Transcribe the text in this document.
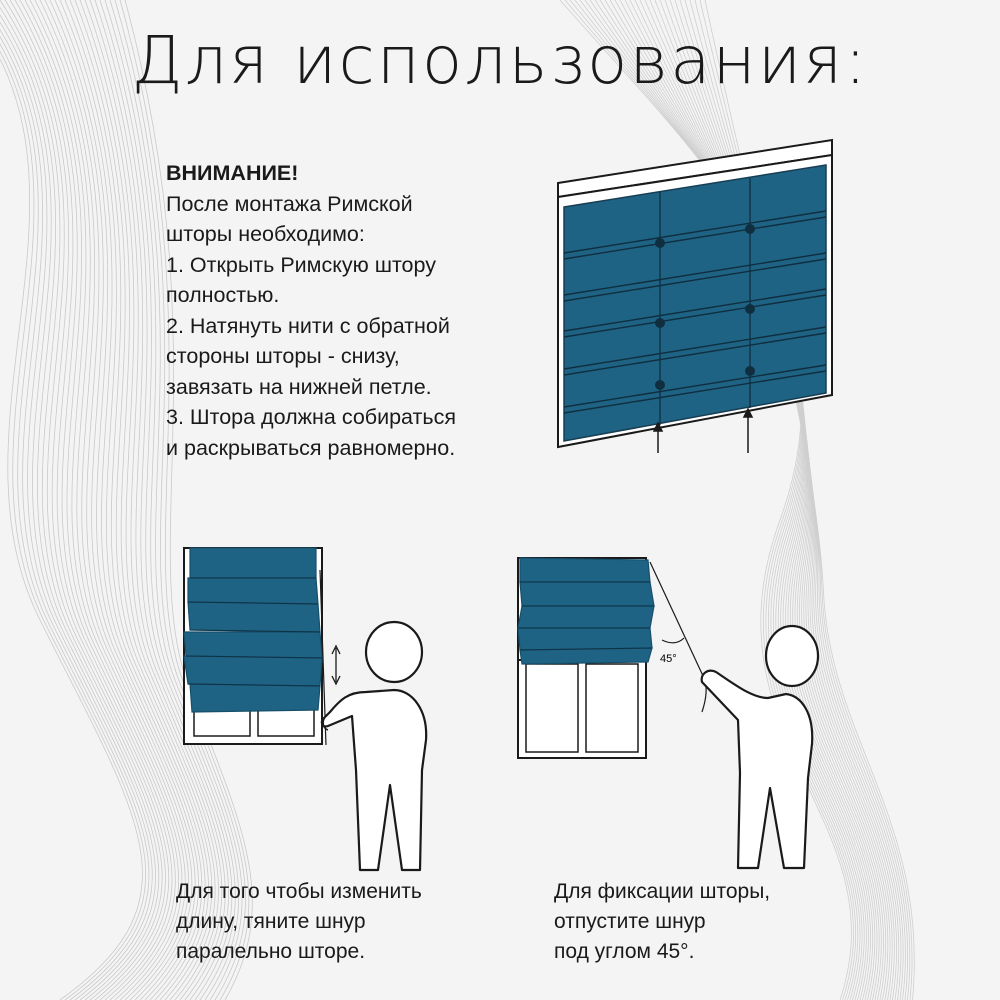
Для использования:
ВНИМАНИЕ!
После монтажа Римской
шторы необходимо:
1. Открыть Римскую штору
полностью.
2. Натянуть нити с обратной
стороны шторы - снизу,
завязать на нижней петле.
3. Штора должна собираться
и раскрываться равномерно.
45°
Для того чтобы изменить
длину, тяните шнур
паралельно шторе.
Для фиксации шторы,
отпустите шнур
под углом 45°.
